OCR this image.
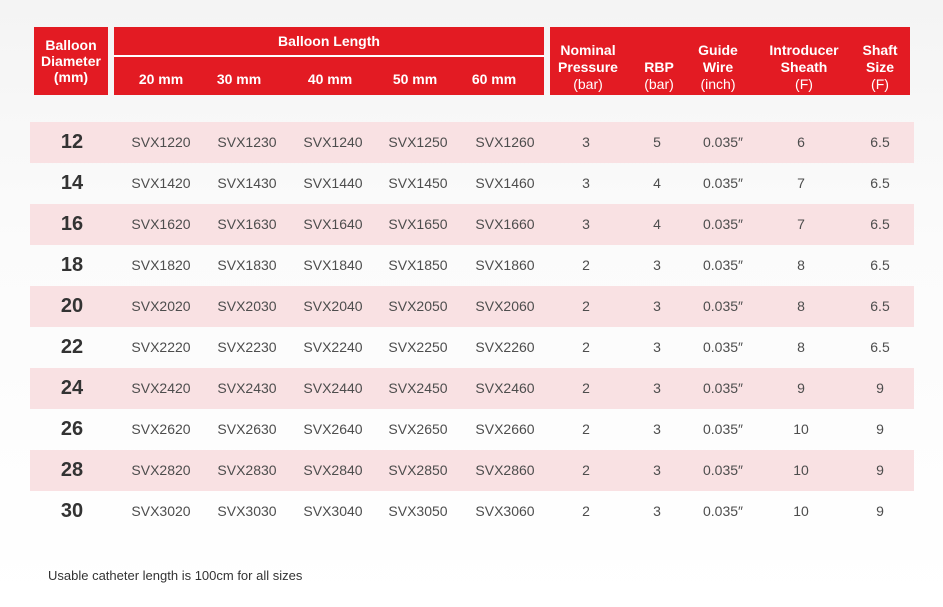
Balloon
Diameter
(mm)
Balloon Length
20 mm	30 mm	40 mm	50 mm	60 mm
Nominal
Pressure
(bar)

RBP
(bar)
Guide
Wire
(inch)
Introducer
Sheath
(F)
Shaft
Size
(F)
12	SVX1220	SVX1230	SVX1240	SVX1250	SVX1260	3	5	0.035″	6	6.5
14	SVX1420	SVX1430	SVX1440	SVX1450	SVX1460	3	4	0.035″	7	6.5
16	SVX1620	SVX1630	SVX1640	SVX1650	SVX1660	3	4	0.035″	7	6.5
18	SVX1820	SVX1830	SVX1840	SVX1850	SVX1860	2	3	0.035″	8	6.5
20	SVX2020	SVX2030	SVX2040	SVX2050	SVX2060	2	3	0.035″	8	6.5
22	SVX2220	SVX2230	SVX2240	SVX2250	SVX2260	2	3	0.035″	8	6.5
24	SVX2420	SVX2430	SVX2440	SVX2450	SVX2460	2	3	0.035″	9	9
26	SVX2620	SVX2630	SVX2640	SVX2650	SVX2660	2	3	0.035″	10	9
28	SVX2820	SVX2830	SVX2840	SVX2850	SVX2860	2	3	0.035″	10	9
30	SVX3020	SVX3030	SVX3040	SVX3050	SVX3060	2	3	0.035″	10	9
Usable catheter length is 100cm for all sizes
